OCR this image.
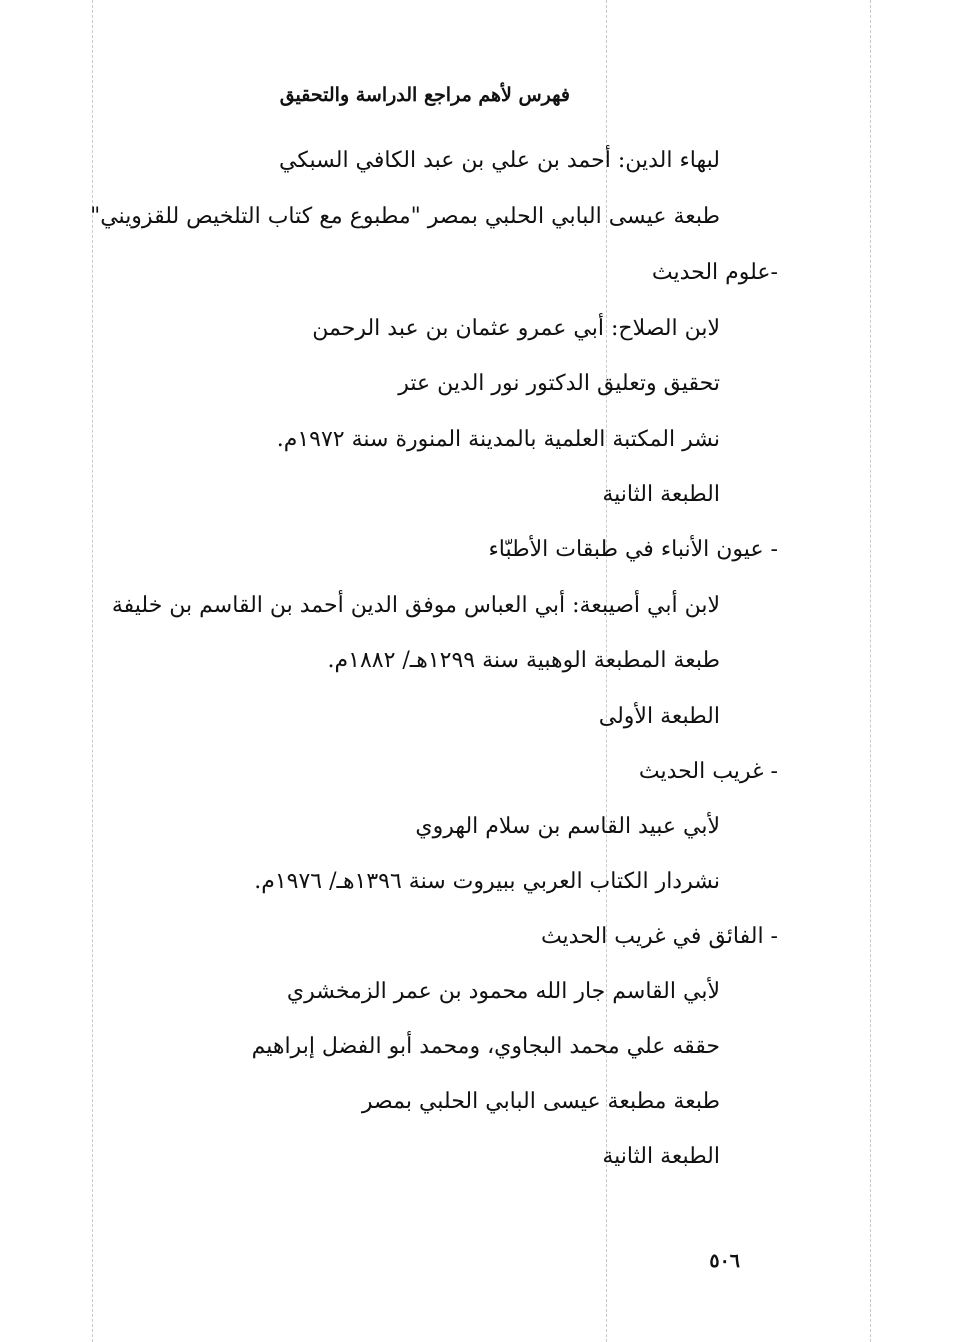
فهرس لأهم مراجع الدراسة والتحقيق
لبهاء الدين: أحمد بن علي بن عبد الكافي السبكي
طبعة عيسى البابي الحلبي بمصر "مطبوع مع كتاب التلخيص للقزويني"
-علوم الحديث
لابن الصلاح: أبي عمرو عثمان بن عبد الرحمن
تحقيق وتعليق الدكتور نور الدين عتر
نشر المكتبة العلمية بالمدينة المنورة سنة ١٩٧٢م.
الطبعة الثانية
- عيون الأنباء في طبقات الأطبّاء
لابن أبي أصيبعة: أبي العباس موفق الدين أحمد بن القاسم بن خليفة
طبعة المطبعة الوهبية سنة ١٢٩٩هـ/ ١٨٨٢م.
الطبعة الأولى
- غريب الحديث
لأبي عبيد القاسم بن سلام الهروي
نشردار الكتاب العربي ببيروت سنة ١٣٩٦هـ/ ١٩٧٦م.
- الفائق في غريب الحديث
لأبي القاسم جار الله محمود بن عمر الزمخشري
حققه علي محمد البجاوي، ومحمد أبو الفضل إبراهيم
طبعة مطبعة عيسى البابي الحلبي بمصر
الطبعة الثانية
٥٠٦
